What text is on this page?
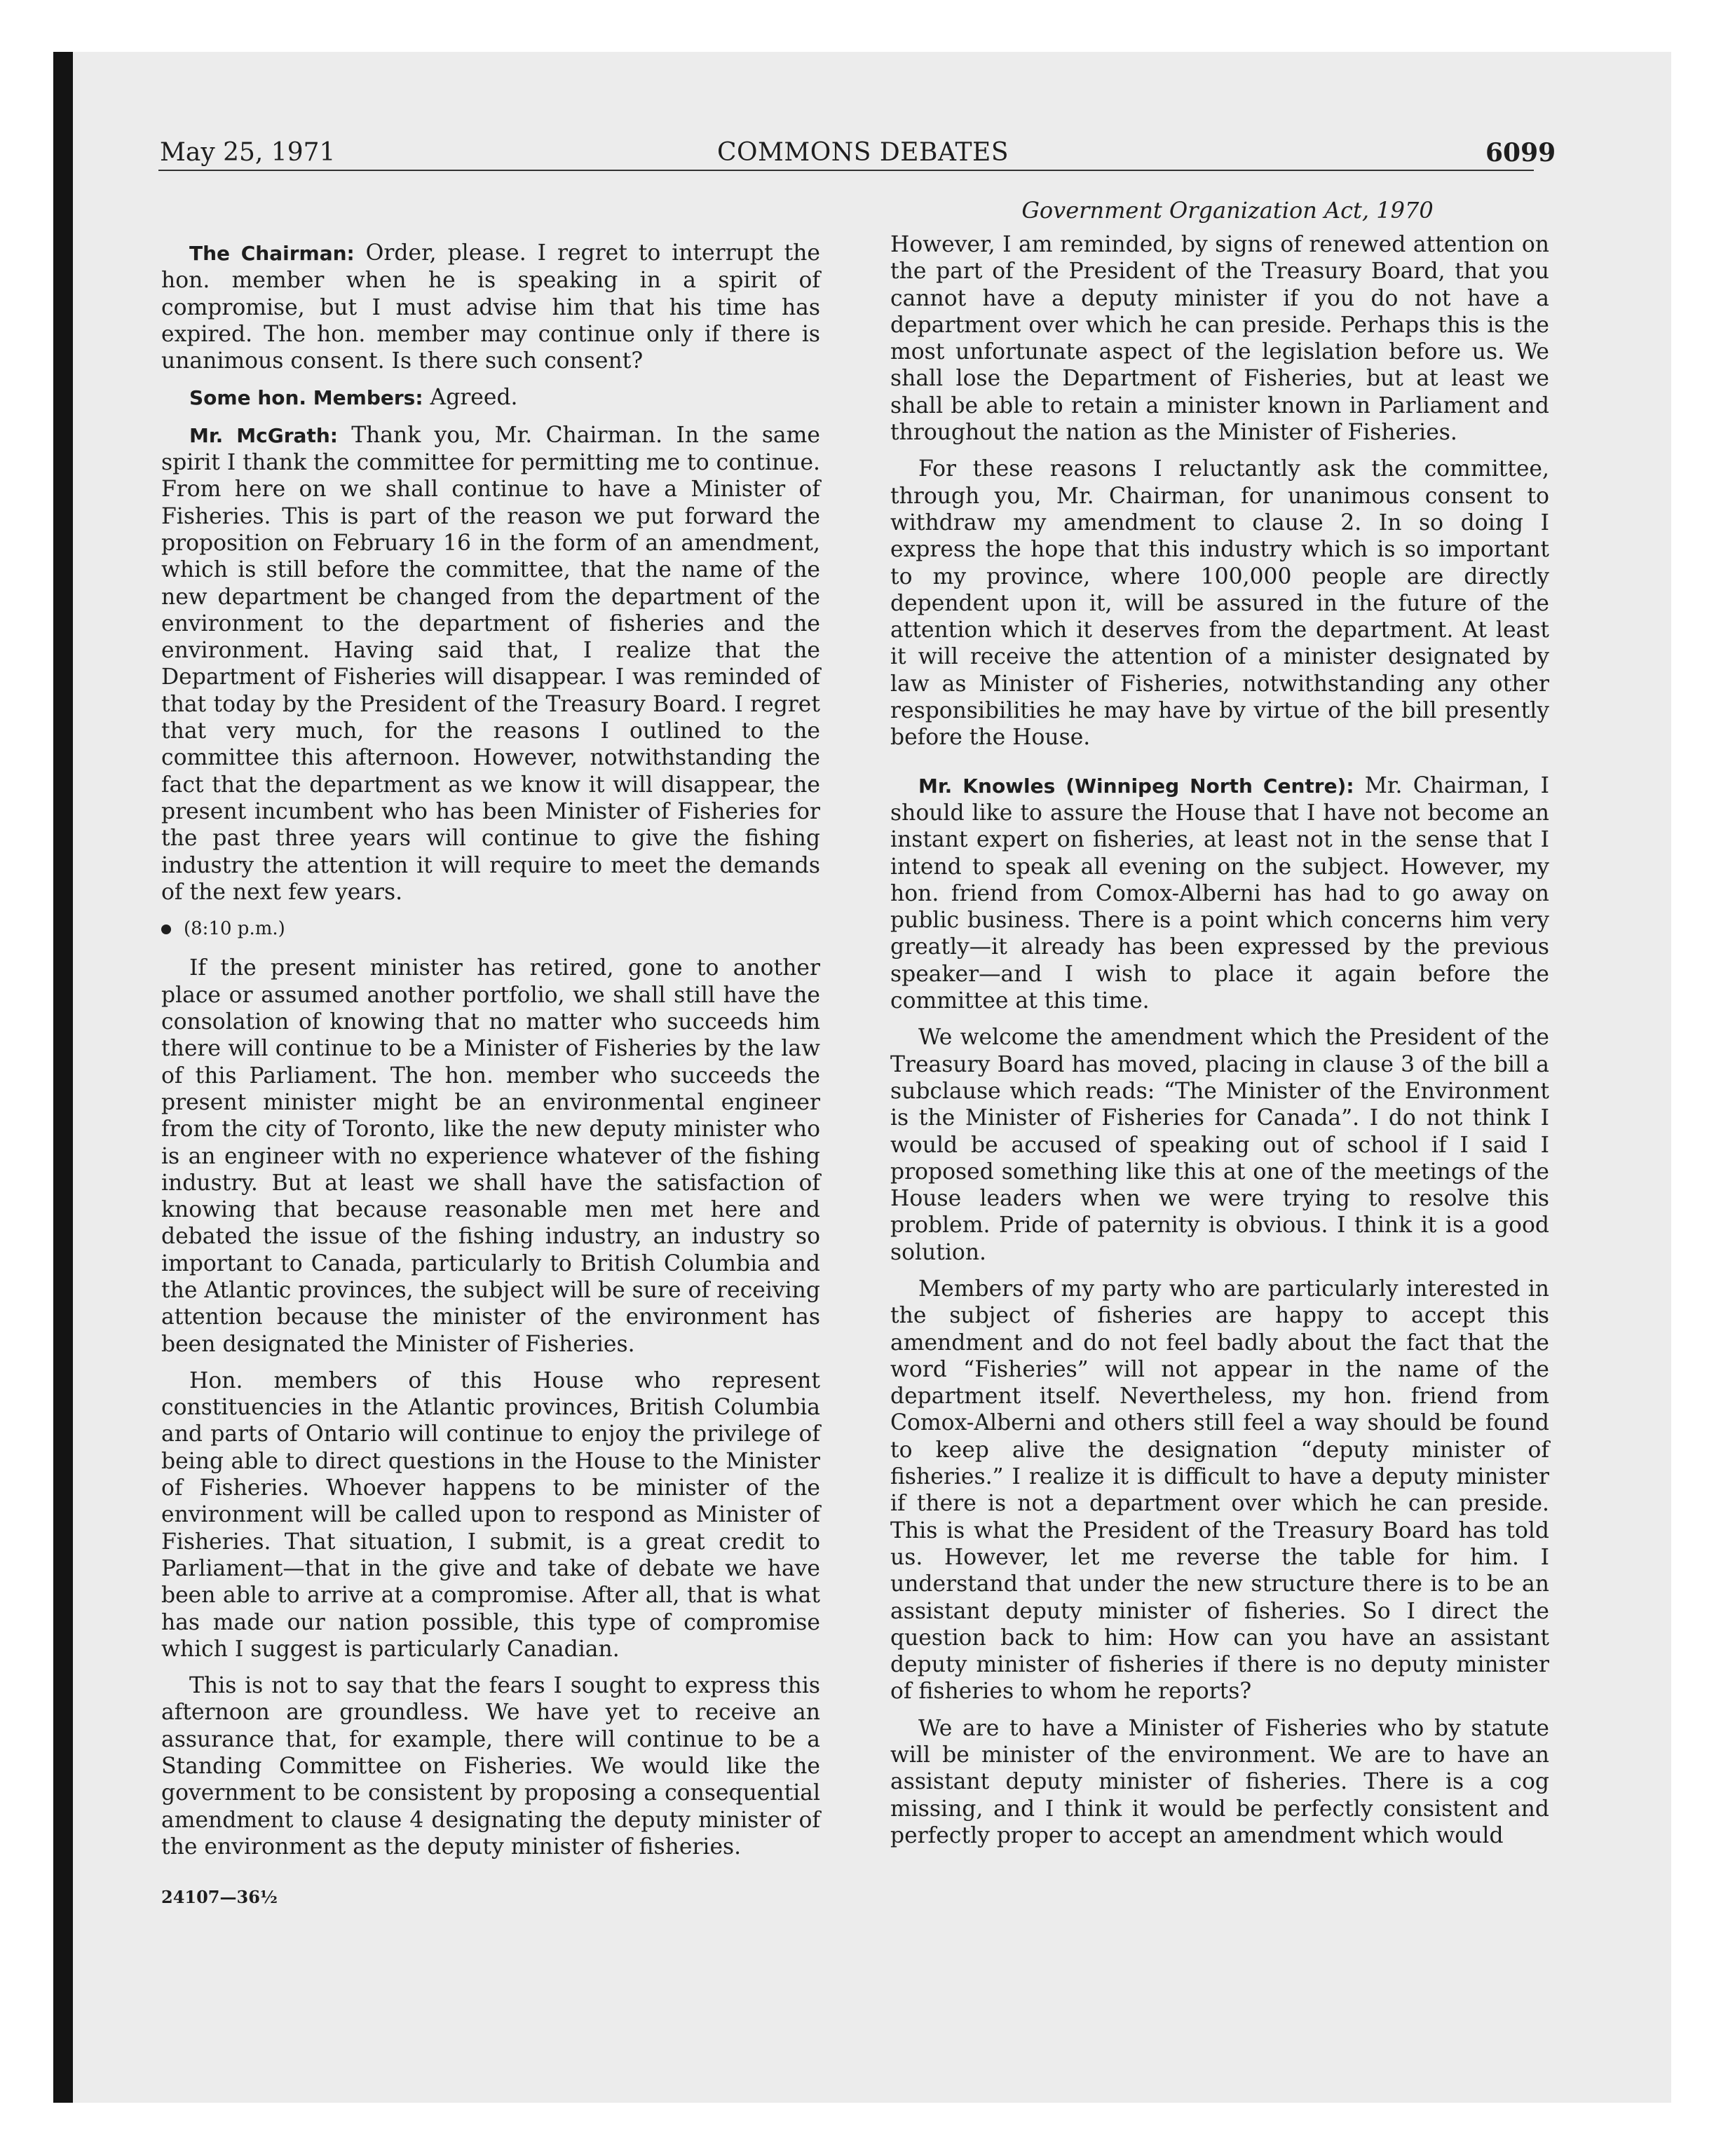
May 25, 1971	COMMONS DEBATES	6099
Government Organization Act, 1970

The Chairman: Order, please. I regret to interrupt the hon. member when he is speaking in a spirit of compromise, but I must advise him that his time has expired. The hon. member may continue only if there is unanimous consent. Is there such consent?

Some hon. Members: Agreed.

Mr. McGrath: Thank you, Mr. Chairman. In the same spirit I thank the committee for permitting me to continue. From here on we shall continue to have a Minister of Fisheries. This is part of the reason we put forward the proposition on February 16 in the form of an amendment, which is still before the committee, that the name of the new department be changed from the department of the environment to the department of fisheries and the environment. Having said that, I realize that the Department of Fisheries will disappear. I was reminded of that today by the President of the Treasury Board. I regret that very much, for the reasons I outlined to the committee this afternoon. However, notwithstanding the fact that the department as we know it will disappear, the present incumbent who has been Minister of Fisheries for the past three years will continue to give the fishing industry the attention it will require to meet the demands of the next few years.

(8:10 p.m.)

If the present minister has retired, gone to another place or assumed another portfolio, we shall still have the consolation of knowing that no matter who succeeds him there will continue to be a Minister of Fisheries by the law of this Parliament. The hon. member who succeeds the present minister might be an environmental engineer from the city of Toronto, like the new deputy minister who is an engineer with no experience whatever of the fishing industry. But at least we shall have the satisfaction of knowing that because reasonable men met here and debated the issue of the fishing industry, an industry so important to Canada, particularly to British Columbia and the Atlantic provinces, the subject will be sure of receiving attention because the minister of the environment has been designated the Minister of Fisheries.

Hon. members of this House who represent constituencies in the Atlantic provinces, British Columbia and parts of Ontario will continue to enjoy the privilege of being able to direct questions in the House to the Minister of Fisheries. Whoever happens to be minister of the environment will be called upon to respond as Minister of Fisheries. That situation, I submit, is a great credit to Parliament—that in the give and take of debate we have been able to arrive at a compromise. After all, that is what has made our nation possible, this type of compromise which I suggest is particularly Canadian.

This is not to say that the fears I sought to express this afternoon are groundless. We have yet to receive an assurance that, for example, there will continue to be a Standing Committee on Fisheries. We would like the government to be consistent by proposing a consequential amendment to clause 4 designating the deputy minister of the environment as the deputy minister of fisheries.

24107—36½

However, I am reminded, by signs of renewed attention on the part of the President of the Treasury Board, that you cannot have a deputy minister if you do not have a department over which he can preside. Perhaps this is the most unfortunate aspect of the legislation before us. We shall lose the Department of Fisheries, but at least we shall be able to retain a minister known in Parliament and throughout the nation as the Minister of Fisheries.

For these reasons I reluctantly ask the committee, through you, Mr. Chairman, for unanimous consent to withdraw my amendment to clause 2. In so doing I express the hope that this industry which is so important to my province, where 100,000 people are directly dependent upon it, will be assured in the future of the attention which it deserves from the department. At least it will receive the attention of a minister designated by law as Minister of Fisheries, notwithstanding any other responsibilities he may have by virtue of the bill presently before the House.

Mr. Knowles (Winnipeg North Centre): Mr. Chairman, I should like to assure the House that I have not become an instant expert on fisheries, at least not in the sense that I intend to speak all evening on the subject. However, my hon. friend from Comox-Alberni has had to go away on public business. There is a point which concerns him very greatly—it already has been expressed by the previous speaker—and I wish to place it again before the committee at this time.

We welcome the amendment which the President of the Treasury Board has moved, placing in clause 3 of the bill a subclause which reads: “The Minister of the Environment is the Minister of Fisheries for Canada”. I do not think I would be accused of speaking out of school if I said I proposed something like this at one of the meetings of the House leaders when we were trying to resolve this problem. Pride of paternity is obvious. I think it is a good solution.

Members of my party who are particularly interested in the subject of fisheries are happy to accept this amendment and do not feel badly about the fact that the word “Fisheries” will not appear in the name of the department itself. Nevertheless, my hon. friend from Comox-Alberni and others still feel a way should be found to keep alive the designation “deputy minister of fisheries.” I realize it is difficult to have a deputy minister if there is not a department over which he can preside. This is what the President of the Treasury Board has told us. However, let me reverse the table for him. I understand that under the new structure there is to be an assistant deputy minister of fisheries. So I direct the question back to him: How can you have an assistant deputy minister of fisheries if there is no deputy minister of fisheries to whom he reports?

We are to have a Minister of Fisheries who by statute will be minister of the environment. We are to have an assistant deputy minister of fisheries. There is a cog missing, and I think it would be perfectly consistent and perfectly proper to accept an amendment which would
